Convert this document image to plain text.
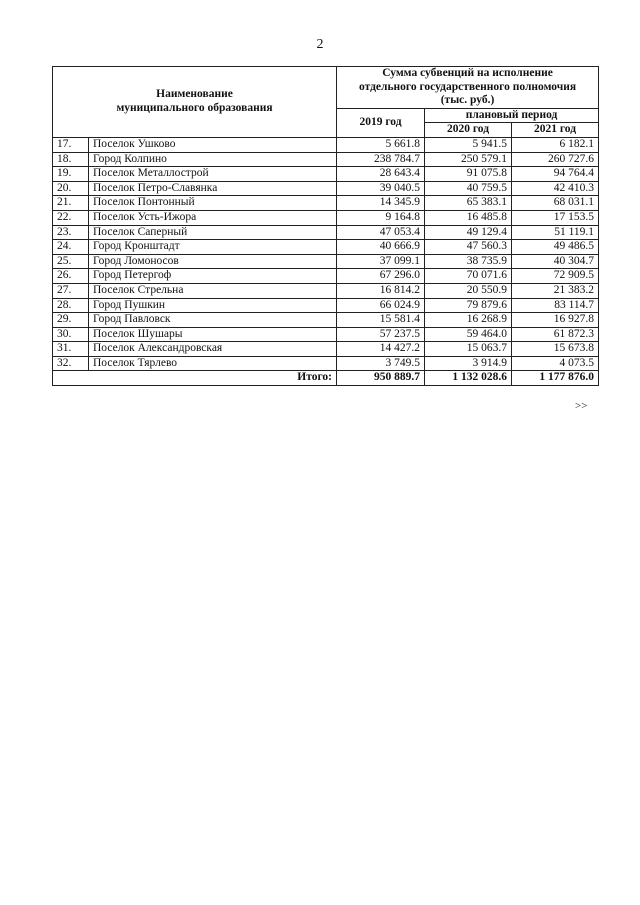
2
Наименование
муниципального образования		Сумма субвенций на исполнение
отдельного государственного полномочия
(тыс. руб.)		
		2019 год	плановый период	
			2020 год	2021 год
17.	Поселок Ушково	5 661.8	5 941.5	6 182.1
18.	Город Колпино	238 784.7	250 579.1	260 727.6
19.	Поселок Металлострой	28 643.4	91 075.8	94 764.4
20.	Поселок Петро-Славянка	39 040.5	40 759.5	42 410.3
21.	Поселок Понтонный	14 345.9	65 383.1	68 031.1
22.	Поселок Усть-Ижора	9 164.8	16 485.8	17 153.5
23.	Поселок Саперный	47 053.4	49 129.4	51 119.1
24.	Город Кронштадт	40 666.9	47 560.3	49 486.5
25.	Город Ломоносов	37 099.1	38 735.9	40 304.7
26.	Город Петергоф	67 296.0	70 071.6	72 909.5
27.	Поселок Стрельна	16 814.2	20 550.9	21 383.2
28.	Город Пушкин	66 024.9	79 879.6	83 114.7
29.	Город Павловск	15 581.4	16 268.9	16 927.8
30.	Поселок Шушары	57 237.5	59 464.0	61 872.3
31.	Поселок Александровская	14 427.2	15 063.7	15 673.8
32.	Поселок Тярлево	3 749.5	3 914.9	4 073.5
Итого:		950 889.7	1 132 028.6	1 177 876.0
>>
